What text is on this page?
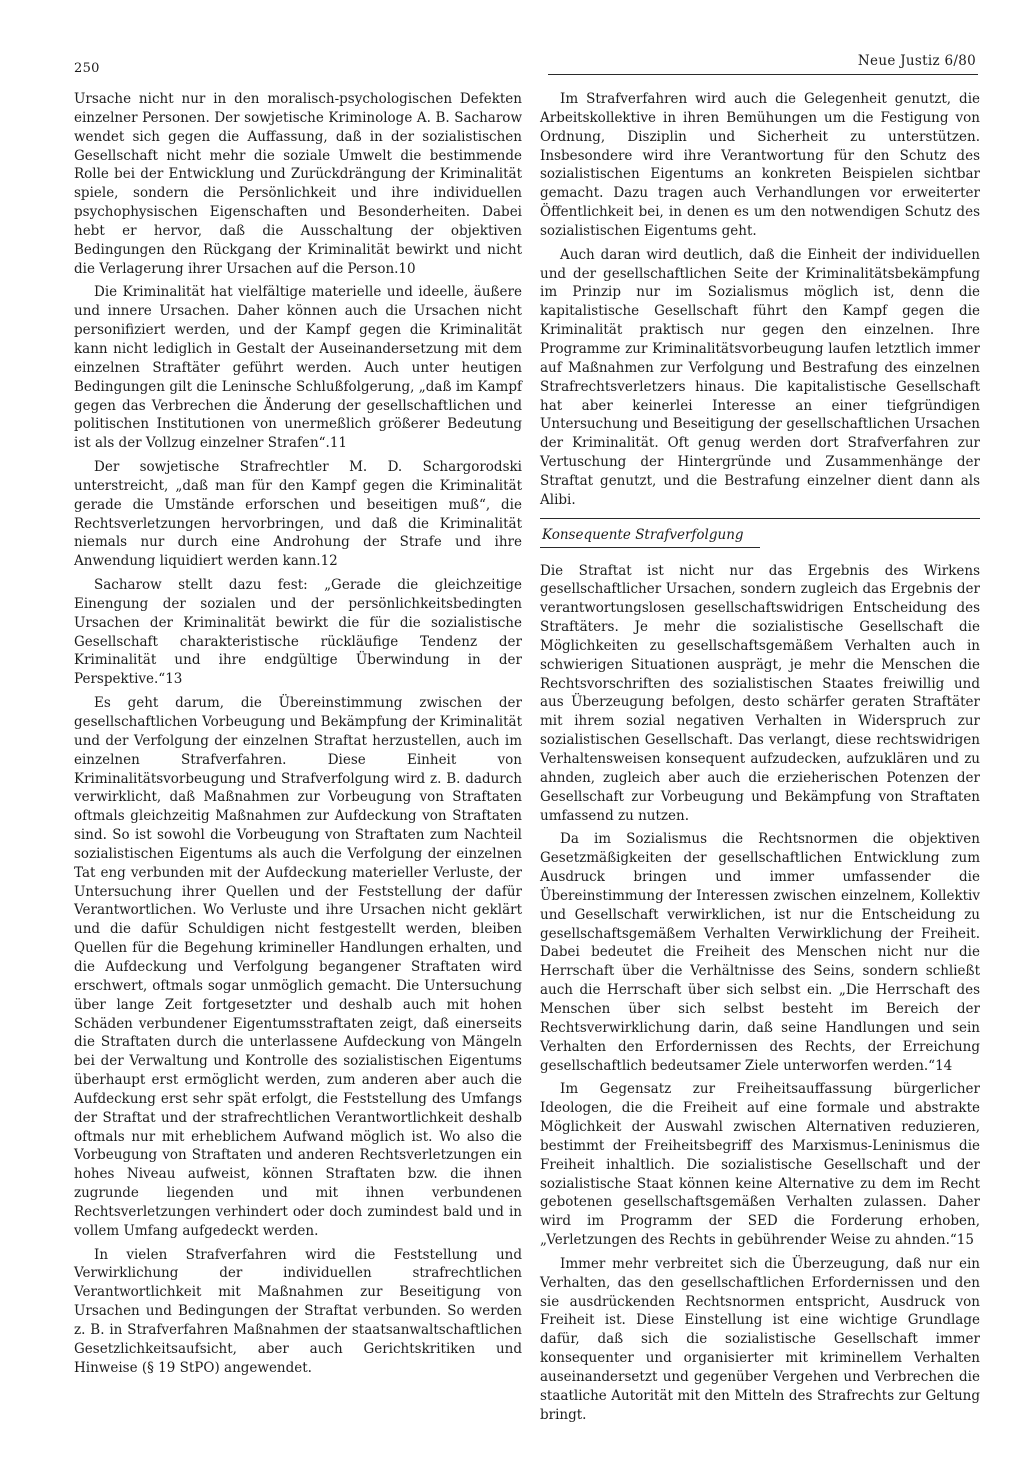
250	Neue Justiz 6/80

Ursache nicht nur in den moralisch-psychologischen Defekten einzelner Personen. Der sowjetische Kriminologe A. B. Sacharow wendet sich gegen die Auffassung, daß in der sozialistischen Gesellschaft nicht mehr die soziale Umwelt die bestimmende Rolle bei der Entwicklung und Zurückdrängung der Kriminalität spiele, sondern die Persönlichkeit und ihre individuellen psychophysischen Eigenschaften und Besonderheiten. Dabei hebt er hervor, daß die Ausschaltung der objektiven Bedingungen den Rückgang der Kriminalität bewirkt und nicht die Verlagerung ihrer Ursachen auf die Person.10

Die Kriminalität hat vielfältige materielle und ideelle, äußere und innere Ursachen. Daher können auch die Ursachen nicht personifiziert werden, und der Kampf gegen die Kriminalität kann nicht lediglich in Gestalt der Auseinandersetzung mit dem einzelnen Straftäter geführt werden. Auch unter heutigen Bedingungen gilt die Leninsche Schlußfolgerung, „daß im Kampf gegen das Verbrechen die Änderung der gesellschaftlichen und politischen Institutionen von unermeßlich größerer Bedeutung ist als der Vollzug einzelner Strafen“.11

Der sowjetische Strafrechtler M. D. Schargorodski unterstreicht, „daß man für den Kampf gegen die Kriminalität gerade die Umstände erforschen und beseitigen muß“, die Rechtsverletzungen hervorbringen, und daß die Kriminalität niemals nur durch eine Androhung der Strafe und ihre Anwendung liquidiert werden kann.12

Sacharow stellt dazu fest: „Gerade die gleichzeitige Einengung der sozialen und der persönlichkeitsbedingten Ursachen der Kriminalität bewirkt die für die sozialistische Gesellschaft charakteristische rückläufige Tendenz der Kriminalität und ihre endgültige Überwindung in der Perspektive.“13

Es geht darum, die Übereinstimmung zwischen der gesellschaftlichen Vorbeugung und Bekämpfung der Kriminalität und der Verfolgung der einzelnen Straftat herzustellen, auch im einzelnen Strafverfahren. Diese Einheit von Kriminalitätsvorbeugung und Strafverfolgung wird z. B. dadurch verwirklicht, daß Maßnahmen zur Vorbeugung von Straftaten oftmals gleichzeitig Maßnahmen zur Aufdeckung von Straftaten sind. So ist sowohl die Vorbeugung von Straftaten zum Nachteil sozialistischen Eigentums als auch die Verfolgung der einzelnen Tat eng verbunden mit der Aufdeckung materieller Verluste, der Untersuchung ihrer Quellen und der Feststellung der dafür Verantwortlichen. Wo Verluste und ihre Ursachen nicht geklärt und die dafür Schuldigen nicht festgestellt werden, bleiben Quellen für die Begehung krimineller Handlungen erhalten, und die Aufdeckung und Verfolgung begangener Straftaten wird erschwert, oftmals sogar unmöglich gemacht. Die Untersuchung über lange Zeit fortgesetzter und deshalb auch mit hohen Schäden verbundener Eigentumsstraftaten zeigt, daß einerseits die Straftaten durch die unterlassene Aufdeckung von Mängeln bei der Verwaltung und Kontrolle des sozialistischen Eigentums überhaupt erst ermöglicht werden, zum anderen aber auch die Aufdeckung erst sehr spät erfolgt, die Feststellung des Umfangs der Straftat und der strafrechtlichen Verantwortlichkeit deshalb oftmals nur mit erheblichem Aufwand möglich ist. Wo also die Vorbeugung von Straftaten und anderen Rechtsverletzungen ein hohes Niveau aufweist, können Straftaten bzw. die ihnen zugrunde liegenden und mit ihnen verbundenen Rechtsverletzungen verhindert oder doch zumindest bald und in vollem Umfang aufgedeckt werden.

In vielen Strafverfahren wird die Feststellung und Verwirklichung der individuellen strafrechtlichen Verantwortlichkeit mit Maßnahmen zur Beseitigung von Ursachen und Bedingungen der Straftat verbunden. So werden z. B. in Strafverfahren Maßnahmen der staatsanwaltschaftlichen Gesetzlichkeitsaufsicht, aber auch Gerichtskritiken und Hinweise (§ 19 StPO) angewendet.

Im Strafverfahren wird auch die Gelegenheit genutzt, die Arbeitskollektive in ihren Bemühungen um die Festigung von Ordnung, Disziplin und Sicherheit zu unterstützen. Insbesondere wird ihre Verantwortung für den Schutz des sozialistischen Eigentums an konkreten Beispielen sichtbar gemacht. Dazu tragen auch Verhandlungen vor erweiterter Öffentlichkeit bei, in denen es um den notwendigen Schutz des sozialistischen Eigentums geht.

Auch daran wird deutlich, daß die Einheit der individuellen und der gesellschaftlichen Seite der Kriminalitätsbekämpfung im Prinzip nur im Sozialismus möglich ist, denn die kapitalistische Gesellschaft führt den Kampf gegen die Kriminalität praktisch nur gegen den einzelnen. Ihre Programme zur Kriminalitätsvorbeugung laufen letztlich immer auf Maßnahmen zur Verfolgung und Bestrafung des einzelnen Strafrechtsverletzers hinaus. Die kapitalistische Gesellschaft hat aber keinerlei Interesse an einer tiefgründigen Untersuchung und Beseitigung der gesellschaftlichen Ursachen der Kriminalität. Oft genug werden dort Strafverfahren zur Vertuschung der Hintergründe und Zusammenhänge der Straftat genutzt, und die Bestrafung einzelner dient dann als Alibi.

Konsequente Strafverfolgung

Die Straftat ist nicht nur das Ergebnis des Wirkens gesellschaftlicher Ursachen, sondern zugleich das Ergebnis der verantwortungslosen gesellschaftswidrigen Entscheidung des Straftäters. Je mehr die sozialistische Gesellschaft die Möglichkeiten zu gesellschaftsgemäßem Verhalten auch in schwierigen Situationen ausprägt, je mehr die Menschen die Rechtsvorschriften des sozialistischen Staates freiwillig und aus Überzeugung befolgen, desto schärfer geraten Straftäter mit ihrem sozial negativen Verhalten in Widerspruch zur sozialistischen Gesellschaft. Das verlangt, diese rechtswidrigen Verhaltensweisen konsequent aufzudecken, aufzuklären und zu ahnden, zugleich aber auch die erzieherischen Potenzen der Gesellschaft zur Vorbeugung und Bekämpfung von Straftaten umfassend zu nutzen.

Da im Sozialismus die Rechtsnormen die objektiven Gesetzmäßigkeiten der gesellschaftlichen Entwicklung zum Ausdruck bringen und immer umfassender die Übereinstimmung der Interessen zwischen einzelnem, Kollektiv und Gesellschaft verwirklichen, ist nur die Entscheidung zu gesellschaftsgemäßem Verhalten Verwirklichung der Freiheit. Dabei bedeutet die Freiheit des Menschen nicht nur die Herrschaft über die Verhältnisse des Seins, sondern schließt auch die Herrschaft über sich selbst ein. „Die Herrschaft des Menschen über sich selbst besteht im Bereich der Rechtsverwirklichung darin, daß seine Handlungen und sein Verhalten den Erfordernissen des Rechts, der Erreichung gesellschaftlich bedeutsamer Ziele unterworfen werden.“14

Im Gegensatz zur Freiheitsauffassung bürgerlicher Ideologen, die die Freiheit auf eine formale und abstrakte Möglichkeit der Auswahl zwischen Alternativen reduzieren, bestimmt der Freiheitsbegriff des Marxismus-Leninismus die Freiheit inhaltlich. Die sozialistische Gesellschaft und der sozialistische Staat können keine Alternative zu dem im Recht gebotenen gesellschaftsgemäßen Verhalten zulassen. Daher wird im Programm der SED die Forderung erhoben, „Verletzungen des Rechts in gebührender Weise zu ahnden.“15

Immer mehr verbreitet sich die Überzeugung, daß nur ein Verhalten, das den gesellschaftlichen Erfordernissen und den sie ausdrückenden Rechtsnormen entspricht, Ausdruck von Freiheit ist. Diese Einstellung ist eine wichtige Grundlage dafür, daß sich die sozialistische Gesellschaft immer konsequenter und organisierter mit kriminellem Verhalten auseinandersetzt und gegenüber Vergehen und Verbrechen die staatliche Autorität mit den Mitteln des Strafrechts zur Geltung bringt.
